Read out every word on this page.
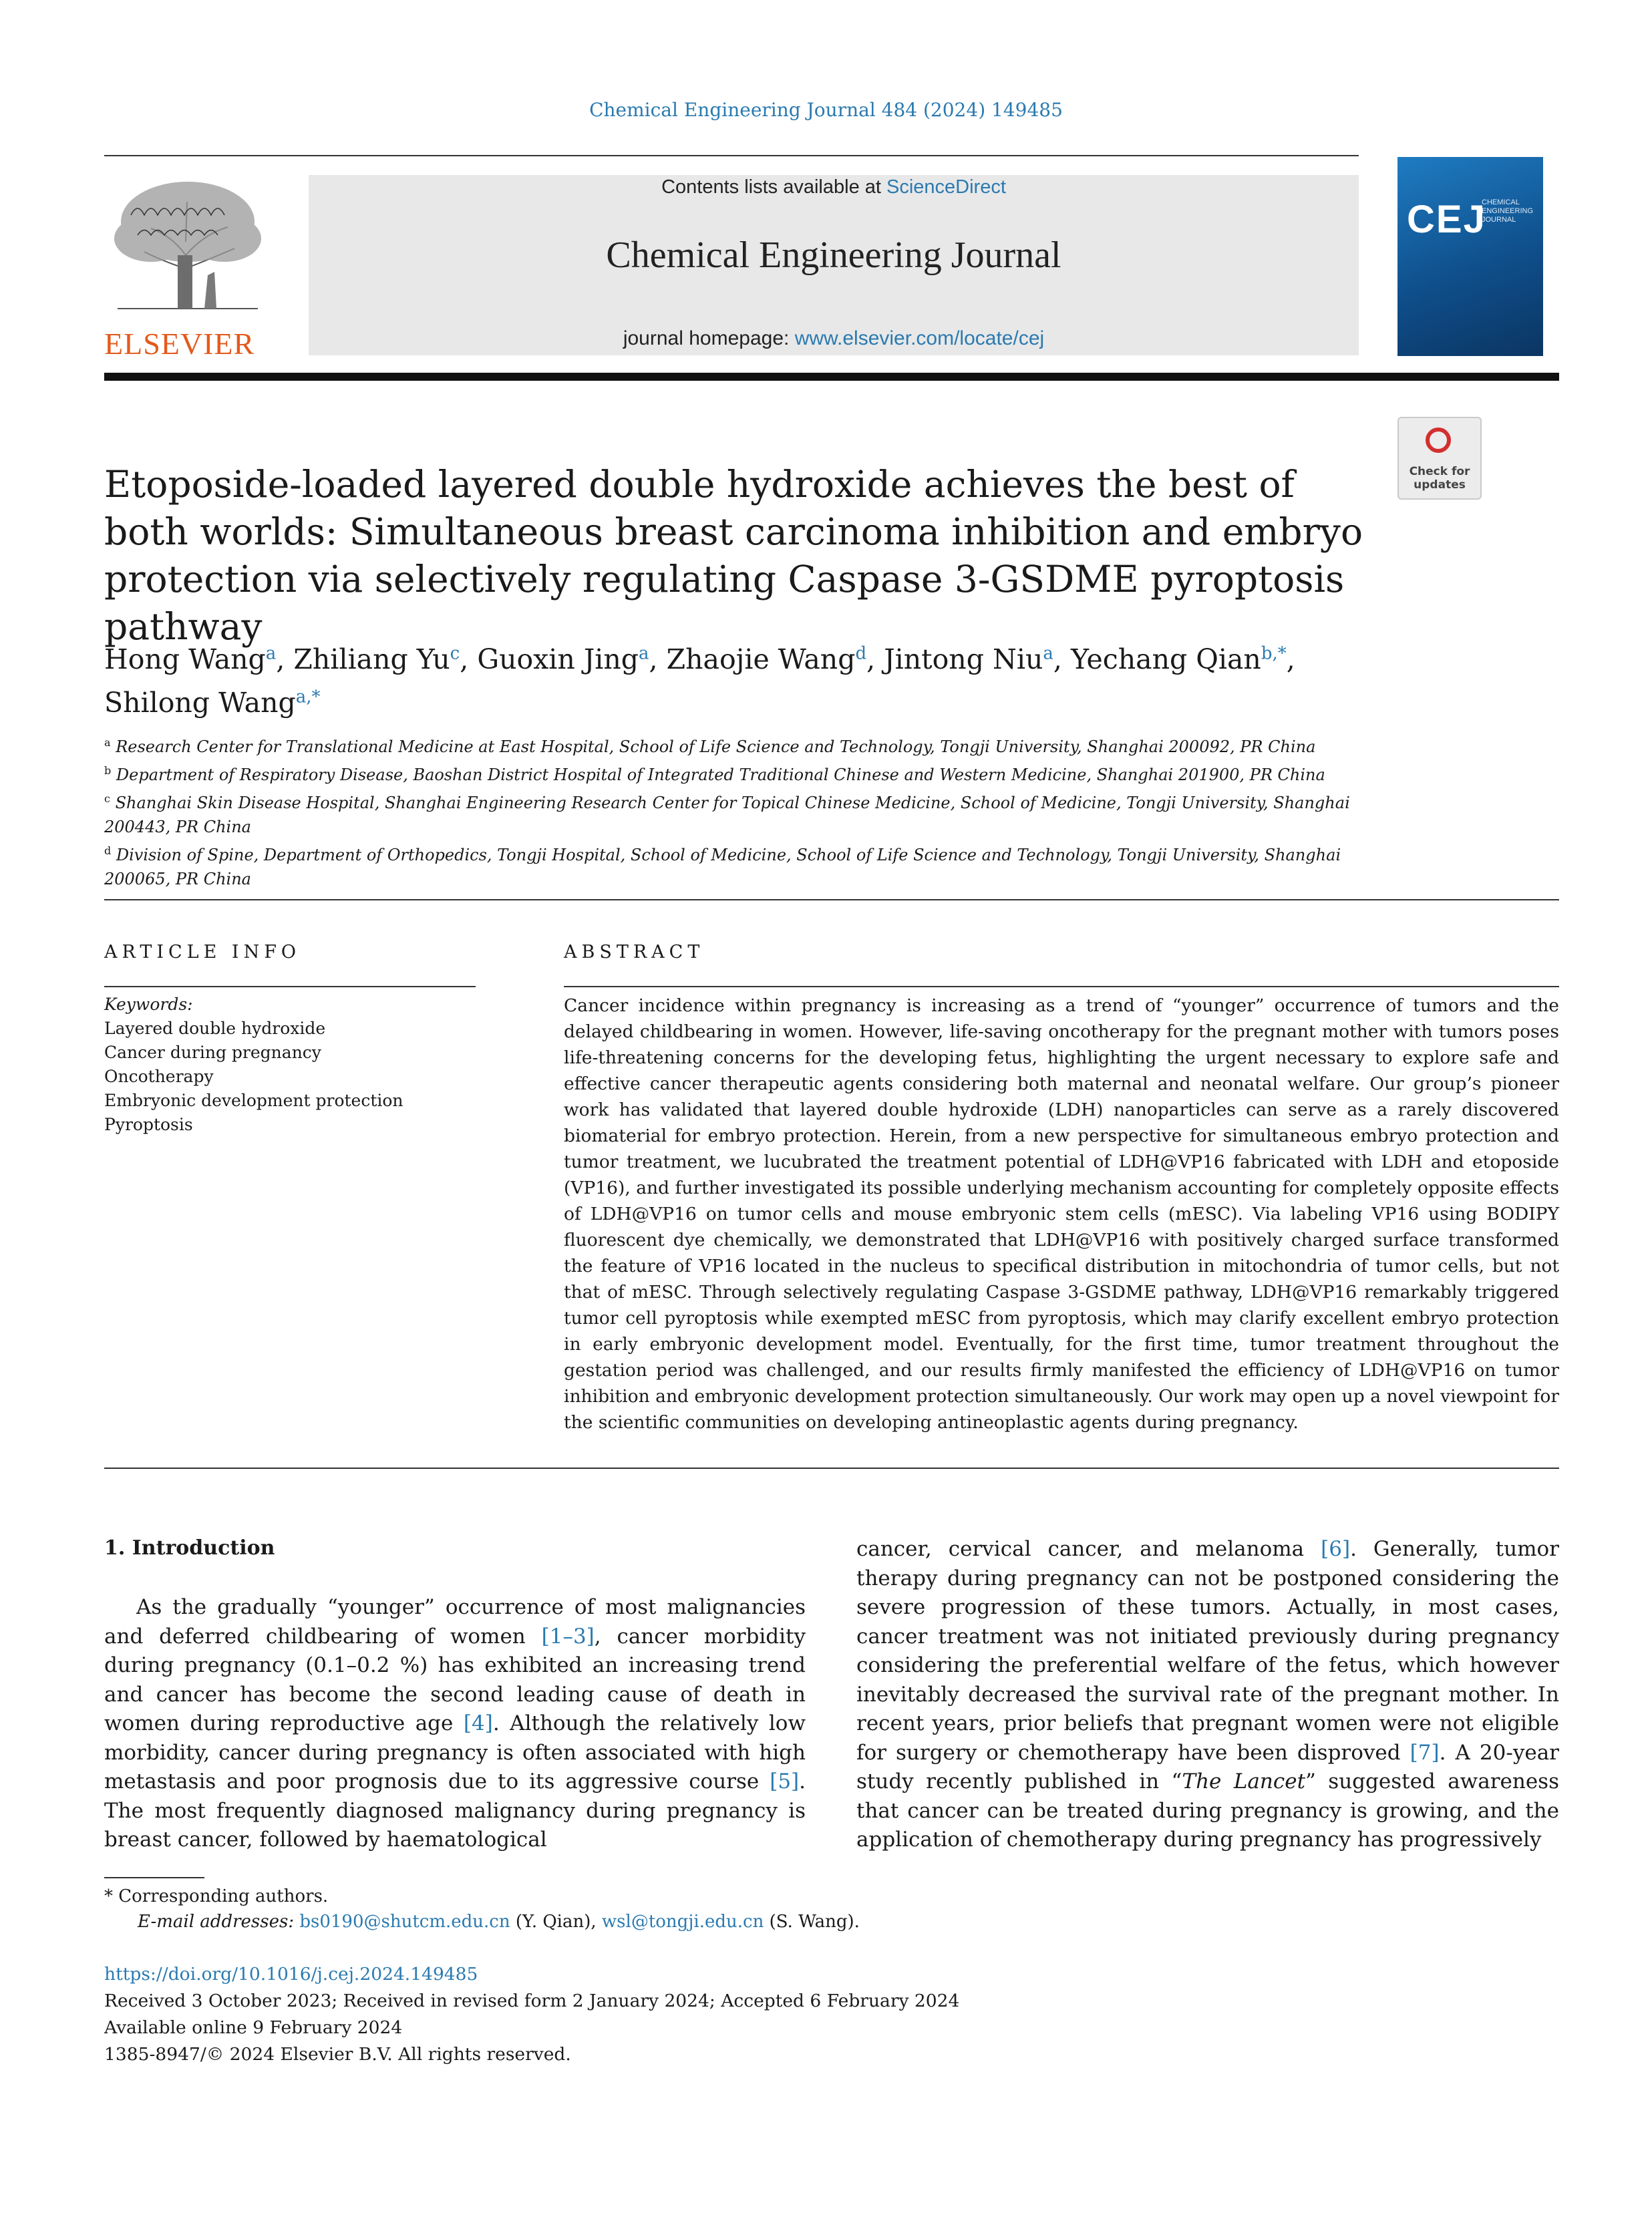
Chemical Engineering Journal 484 (2024) 149485
ELSEVIER
Contents lists available at ScienceDirect
Chemical Engineering Journal
journal homepage: www.elsevier.com/locate/cej
CEJ
CHEMICAL ENGINEERING JOURNAL
Etoposide-loaded layered double hydroxide achieves the best of both worlds: Simultaneous breast carcinoma inhibition and embryo protection via selectively regulating Caspase 3-GSDME pyroptosis pathway
Check for
updates
Hong Wang$^a$, Zhiliang Yu$^c$, Guoxin Jing$^a$, Zhaojie Wang$^d$, Jintong Niu$^a$, Yechang Qian$^{b,*}$,
Shilong Wang$^{a,*}$
$^a$ Research Center for Translational Medicine at East Hospital, School of Life Science and Technology, Tongji University, Shanghai 200092, PR China
$^b$ Department of Respiratory Disease, Baoshan District Hospital of Integrated Traditional Chinese and Western Medicine, Shanghai 201900, PR China
$^c$ Shanghai Skin Disease Hospital, Shanghai Engineering Research Center for Topical Chinese Medicine, School of Medicine, Tongji University, Shanghai 200443, PR China
$^d$ Division of Spine, Department of Orthopedics, Tongji Hospital, School of Medicine, School of Life Science and Technology, Tongji University, Shanghai 200065, PR China
ARTICLE INFO	ABSTRACT
Keywords:
Layered double hydroxide
Cancer during pregnancy
Oncotherapy
Embryonic development protection
Pyroptosis
Cancer incidence within pregnancy is increasing as a trend of “younger” occurrence of tumors and the delayed childbearing in women. However, life-saving oncotherapy for the pregnant mother with tumors poses life-threatening concerns for the developing fetus, highlighting the urgent necessary to explore safe and effective cancer therapeutic agents considering both maternal and neonatal welfare. Our group’s pioneer work has validated that layered double hydroxide (LDH) nanoparticles can serve as a rarely discovered biomaterial for embryo protection. Herein, from a new perspective for simultaneous embryo protection and tumor treatment, we lucubrated the treatment potential of LDH@VP16 fabricated with LDH and etoposide (VP16), and further investigated its possible underlying mechanism accounting for completely opposite effects of LDH@VP16 on tumor cells and mouse embryonic stem cells (mESC). Via labeling VP16 using BODIPY fluorescent dye chemically, we demonstrated that LDH@VP16 with positively charged surface transformed the feature of VP16 located in the nucleus to specifical distribution in mitochondria of tumor cells, but not that of mESC. Through selectively regulating Caspase 3-GSDME pathway, LDH@VP16 remarkably triggered tumor cell pyroptosis while exempted mESC from pyroptosis, which may clarify excellent embryo protection in early embryonic development model. Eventually, for the first time, tumor treatment throughout the gestation period was challenged, and our results firmly manifested the efficiency of LDH@VP16 on tumor inhibition and embryonic development protection simultaneously. Our work may open up a novel viewpoint for the scientific communities on developing antineoplastic agents during pregnancy.
1. Introduction
As the gradually “younger” occurrence of most malignancies and deferred childbearing of women [1–3], cancer morbidity during pregnancy (0.1–0.2 %) has exhibited an increasing trend and cancer has become the second leading cause of death in women during reproductive age [4]. Although the relatively low morbidity, cancer during pregnancy is often associated with high metastasis and poor prognosis due to its aggressive course [5]. The most frequently diagnosed malignancy during pregnancy is breast cancer, followed by haematological
cancer, cervical cancer, and melanoma [6]. Generally, tumor therapy during pregnancy can not be postponed considering the severe progression of these tumors. Actually, in most cases, cancer treatment was not initiated previously during pregnancy considering the preferential welfare of the fetus, which however inevitably decreased the survival rate of the pregnant mother. In recent years, prior beliefs that pregnant women were not eligible for surgery or chemotherapy have been disproved [7]. A 20-year study recently published in “The Lancet” suggested awareness that cancer can be treated during pregnancy is growing, and the application of chemotherapy during pregnancy has progressively
* Corresponding authors.
E-mail addresses: bs0190@shutcm.edu.cn (Y. Qian), wsl@tongji.edu.cn (S. Wang).
https://doi.org/10.1016/j.cej.2024.149485
Received 3 October 2023; Received in revised form 2 January 2024; Accepted 6 February 2024
Available online 9 February 2024
1385-8947/© 2024 Elsevier B.V. All rights reserved.
